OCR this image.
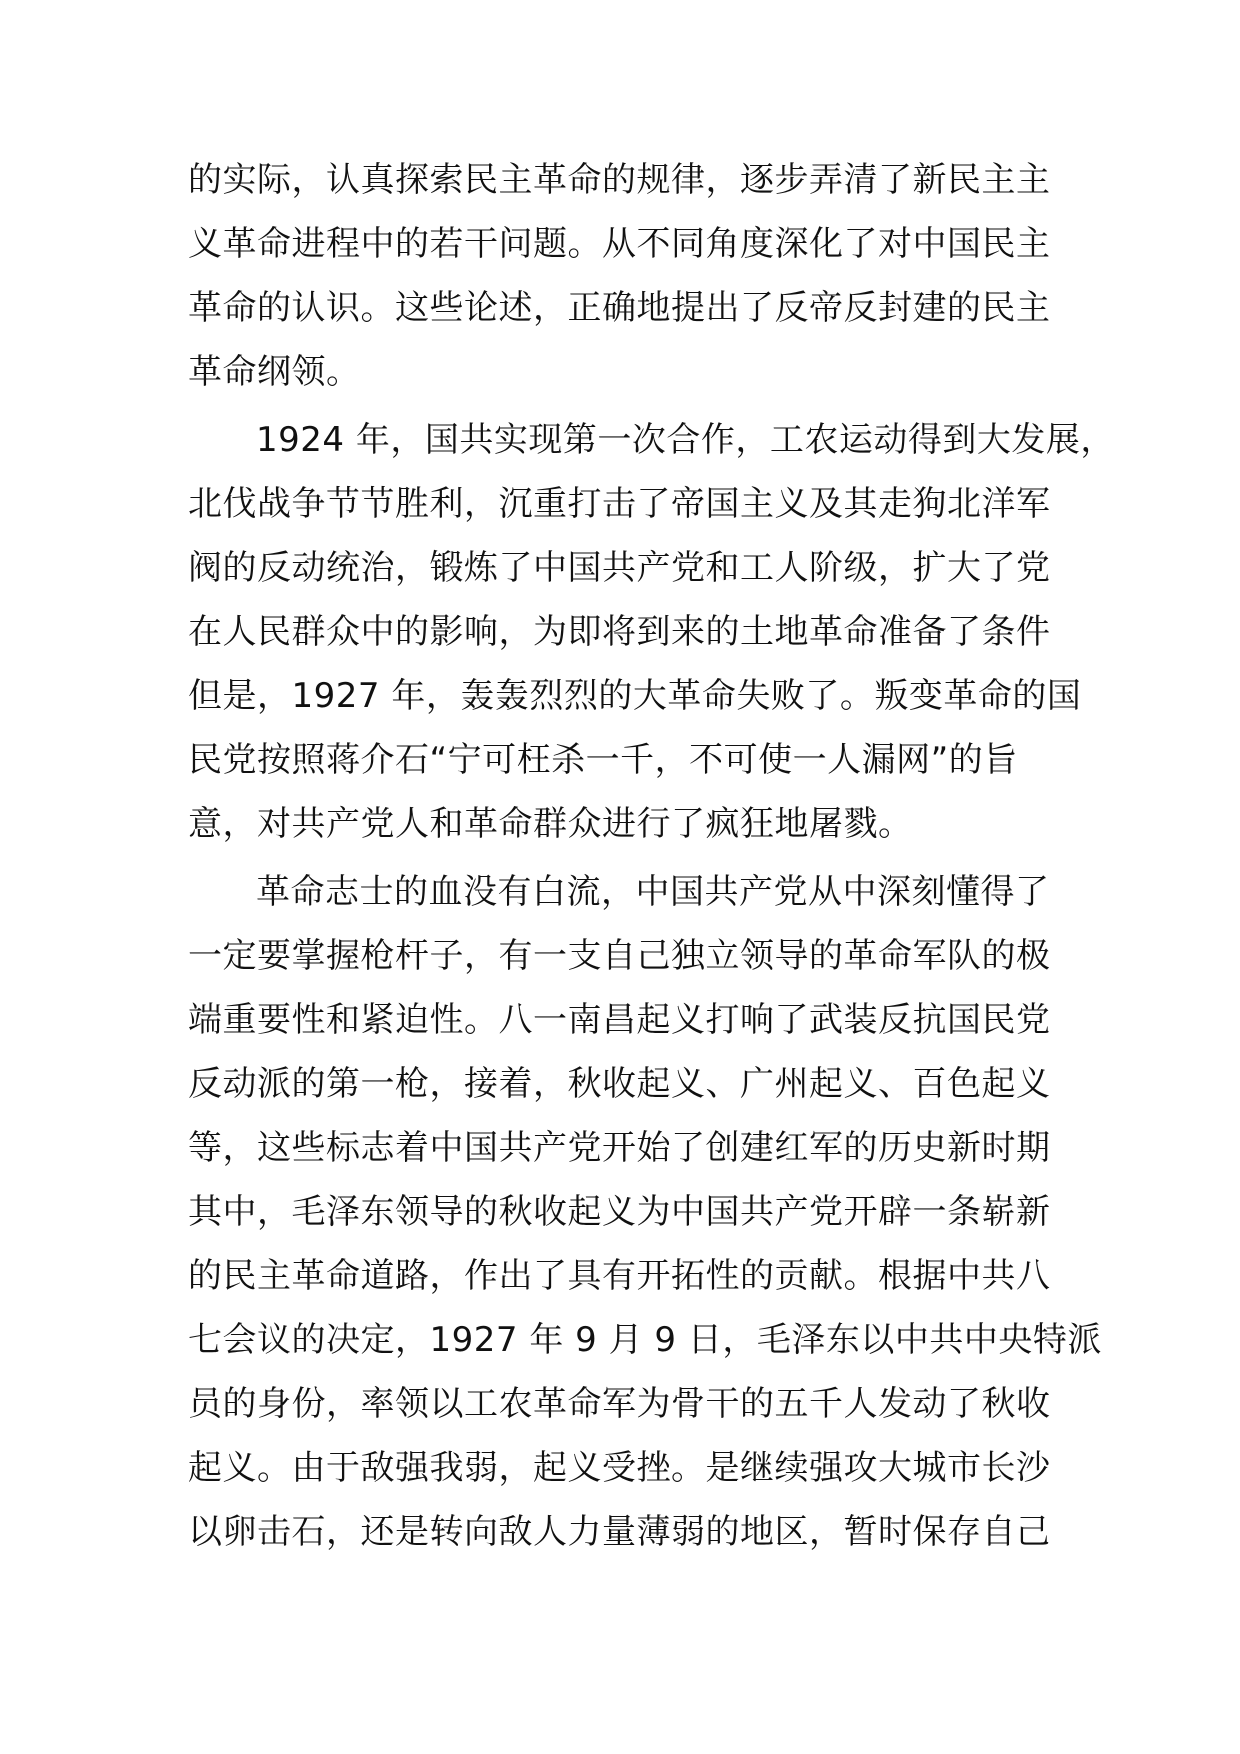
的实际，认真探索民主革命的规律，逐步弄清了新民主主
义革命进程中的若干问题。从不同角度深化了对中国民主
革命的认识。这些论述，正确地提出了反帝反封建的民主
革命纲领。
1924 年，国共实现第一次合作，工农运动得到大发展，
北伐战争节节胜利，沉重打击了帝国主义及其走狗北洋军
阀的反动统治，锻炼了中国共产党和工人阶级，扩大了党
在人民群众中的影响，为即将到来的土地革命准备了条件
但是，1927 年，轰轰烈烈的大革命失败了。叛变革命的国
民党按照蒋介石“宁可枉杀一千，不可使一人漏网”的旨
意，对共产党人和革命群众进行了疯狂地屠戮。
革命志士的血没有白流，中国共产党从中深刻懂得了
一定要掌握枪杆子，有一支自己独立领导的革命军队的极
端重要性和紧迫性。八一南昌起义打响了武装反抗国民党
反动派的第一枪，接着，秋收起义、广州起义、百色起义
等，这些标志着中国共产党开始了创建红军的历史新时期
其中，毛泽东领导的秋收起义为中国共产党开辟一条崭新
的民主革命道路，作出了具有开拓性的贡献。根据中共八
七会议的决定，1927 年 9 月 9 日，毛泽东以中共中央特派
员的身份，率领以工农革命军为骨干的五千人发动了秋收
起义。由于敌强我弱，起义受挫。是继续强攻大城市长沙
以卵击石，还是转向敌人力量薄弱的地区，暂时保存自己
